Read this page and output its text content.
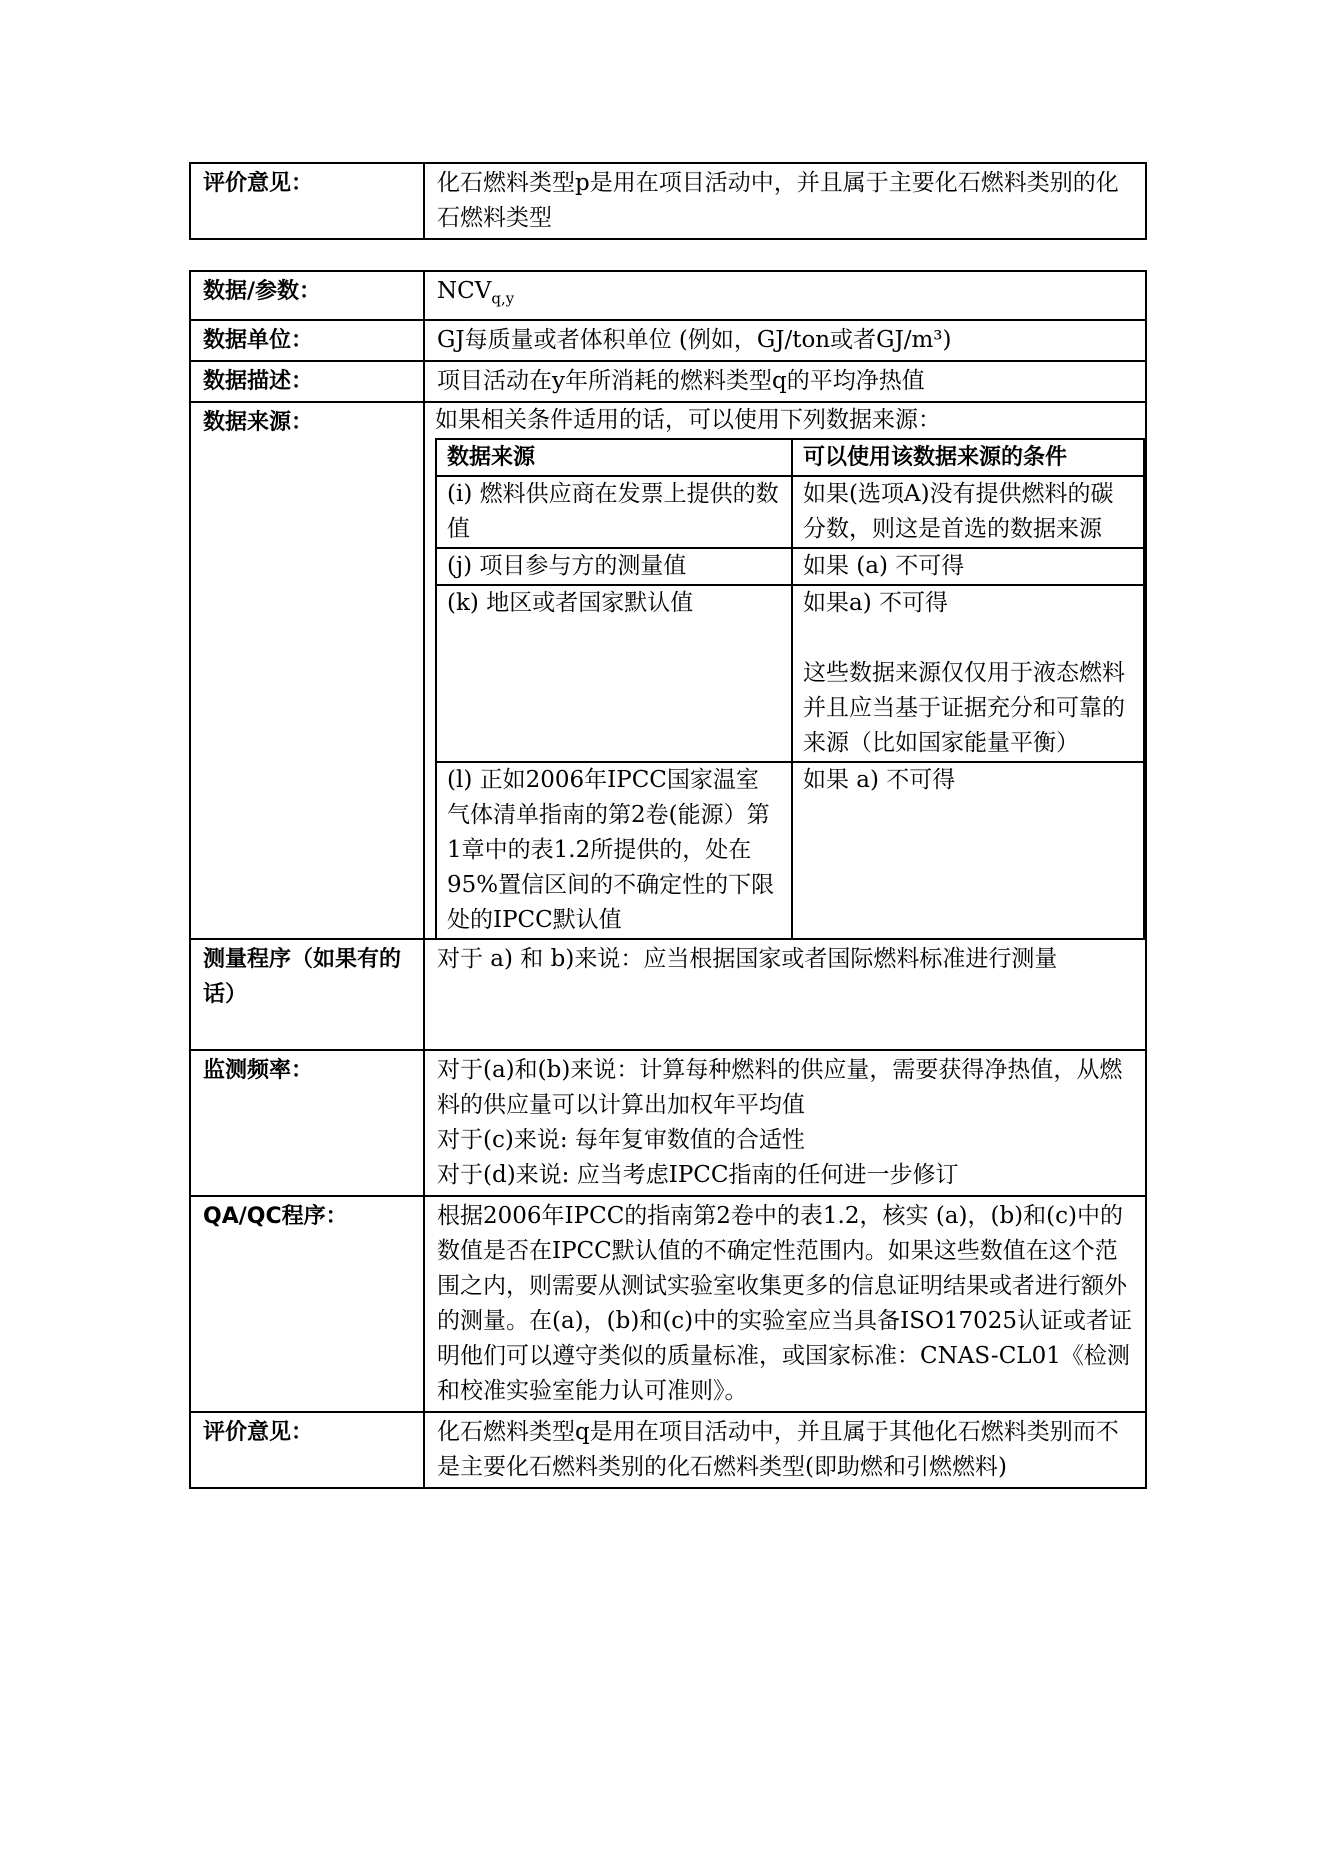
评价意见：	化石燃料类型p是用在项目活动中，并且属于主要化石燃料类别的化石燃料类型
数据/参数：	$NCV_{q,y}$
数据单位：	GJ每质量或者体积单位 (例如，GJ/ton或者GJ/m³)
数据描述：	项目活动在y年所消耗的燃料类型q的平均净热值
数据来源：	如果相关条件适用的话，可以使用下列数据来源：
数据来源	可以使用该数据来源的条件
(i) 燃料供应商在发票上提供的数值	如果(选项A)没有提供燃料的碳分数，则这是首选的数据来源
(j) 项目参与方的测量值	如果 (a) 不可得
(k) 地区或者国家默认值	如果a) 不可得
这些数据来源仅仅用于液态燃料并且应当基于证据充分和可靠的来源（比如国家能量平衡）

(l) 正如2006年IPCC国家温室气体清单指南的第2卷(能源）第1章中的表1.2所提供的，处在95%置信区间的不确定性的下限处的IPCC默认值	如果 a) 不可得

测量程序（如果有的话）	对于 a) 和 b)来说：应当根据国家或者国际燃料标准进行测量
监测频率：	对于(a)和(b)来说：计算每种燃料的供应量，需要获得净热值，从燃料的供应量可以计算出加权年平均值
对于(c)来说: 每年复审数值的合适性
对于(d)来说: 应当考虑IPCC指南的任何进一步修订

QA/QC程序：	根据2006年IPCC的指南第2卷中的表1.2，核实 (a)，(b)和(c)中的数值是否在IPCC默认值的不确定性范围内。如果这些数值在这个范围之内，则需要从测试实验室收集更多的信息证明结果或者进行额外的测量。在(a)，(b)和(c)中的实验室应当具备ISO17025认证或者证明他们可以遵守类似的质量标准，或国家标准：CNAS-CL01《检测和校准实验室能力认可准则》。
评价意见：	化石燃料类型q是用在项目活动中，并且属于其他化石燃料类别而不是主要化石燃料类别的化石燃料类型(即助燃和引燃燃料)
